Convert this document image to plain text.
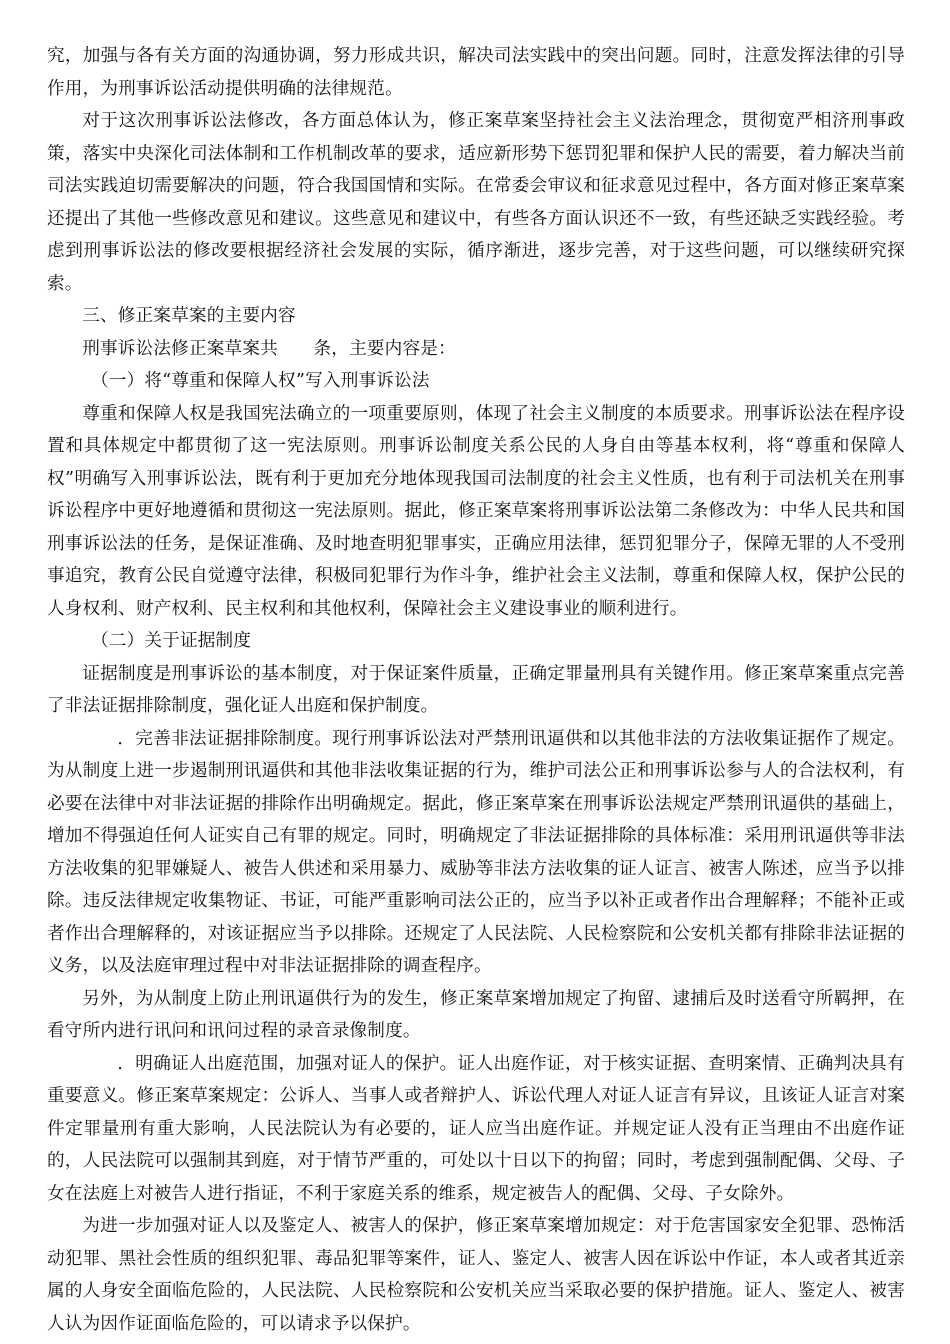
究，加强与各有关方面的沟通协调，努力形成共识，解决司法实践中的突出问题。同时，注意发挥法律的引导作用，为刑事诉讼活动提供明确的法律规范。

对于这次刑事诉讼法修改，各方面总体认为，修正案草案坚持社会主义法治理念，贯彻宽严相济刑事政策，落实中央深化司法体制和工作机制改革的要求，适应新形势下惩罚犯罪和保护人民的需要，着力解决当前司法实践迫切需要解决的问题，符合我国国情和实际。在常委会审议和征求意见过程中，各方面对修正案草案还提出了其他一些修改意见和建议。这些意见和建议中，有些各方面认识还不一致，有些还缺乏实践经验。考虑到刑事诉讼法的修改要根据经济社会发展的实际，循序渐进，逐步完善，对于这些问题，可以继续研究探索。

三、修正案草案的主要内容

刑事诉讼法修正案草案共　　条，主要内容是：

（一）将“尊重和保障人权”写入刑事诉讼法

尊重和保障人权是我国宪法确立的一项重要原则，体现了社会主义制度的本质要求。刑事诉讼法在程序设置和具体规定中都贯彻了这一宪法原则。刑事诉讼制度关系公民的人身自由等基本权利，将“尊重和保障人权”明确写入刑事诉讼法，既有利于更加充分地体现我国司法制度的社会主义性质，也有利于司法机关在刑事诉讼程序中更好地遵循和贯彻这一宪法原则。据此，修正案草案将刑事诉讼法第二条修改为：中华人民共和国刑事诉讼法的任务，是保证准确、及时地查明犯罪事实，正确应用法律，惩罚犯罪分子，保障无罪的人不受刑事追究，教育公民自觉遵守法律，积极同犯罪行为作斗争，维护社会主义法制，尊重和保障人权，保护公民的人身权利、财产权利、民主权利和其他权利，保障社会主义建设事业的顺利进行。

（二）关于证据制度

证据制度是刑事诉讼的基本制度，对于保证案件质量，正确定罪量刑具有关键作用。修正案草案重点完善了非法证据排除制度，强化证人出庭和保护制度。

．完善非法证据排除制度。现行刑事诉讼法对严禁刑讯逼供和以其他非法的方法收集证据作了规定。为从制度上进一步遏制刑讯逼供和其他非法收集证据的行为，维护司法公正和刑事诉讼参与人的合法权利，有必要在法律中对非法证据的排除作出明确规定。据此，修正案草案在刑事诉讼法规定严禁刑讯逼供的基础上，增加不得强迫任何人证实自己有罪的规定。同时，明确规定了非法证据排除的具体标准：采用刑讯逼供等非法方法收集的犯罪嫌疑人、被告人供述和采用暴力、威胁等非法方法收集的证人证言、被害人陈述，应当予以排除。违反法律规定收集物证、书证，可能严重影响司法公正的，应当予以补正或者作出合理解释；不能补正或者作出合理解释的，对该证据应当予以排除。还规定了人民法院、人民检察院和公安机关都有排除非法证据的义务，以及法庭审理过程中对非法证据排除的调查程序。

另外，为从制度上防止刑讯逼供行为的发生，修正案草案增加规定了拘留、逮捕后及时送看守所羁押，在看守所内进行讯问和讯问过程的录音录像制度。

．明确证人出庭范围，加强对证人的保护。证人出庭作证，对于核实证据、查明案情、正确判决具有重要意义。修正案草案规定：公诉人、当事人或者辩护人、诉讼代理人对证人证言有异议，且该证人证言对案件定罪量刑有重大影响，人民法院认为有必要的，证人应当出庭作证。并规定证人没有正当理由不出庭作证的，人民法院可以强制其到庭，对于情节严重的，可处以十日以下的拘留；同时，考虑到强制配偶、父母、子女在法庭上对被告人进行指证，不利于家庭关系的维系，规定被告人的配偶、父母、子女除外。

为进一步加强对证人以及鉴定人、被害人的保护，修正案草案增加规定：对于危害国家安全犯罪、恐怖活动犯罪、黑社会性质的组织犯罪、毒品犯罪等案件，证人、鉴定人、被害人因在诉讼中作证，本人或者其近亲属的人身安全面临危险的，人民法院、人民检察院和公安机关应当采取必要的保护措施。证人、鉴定人、被害人认为因作证面临危险的，可以请求予以保护。
